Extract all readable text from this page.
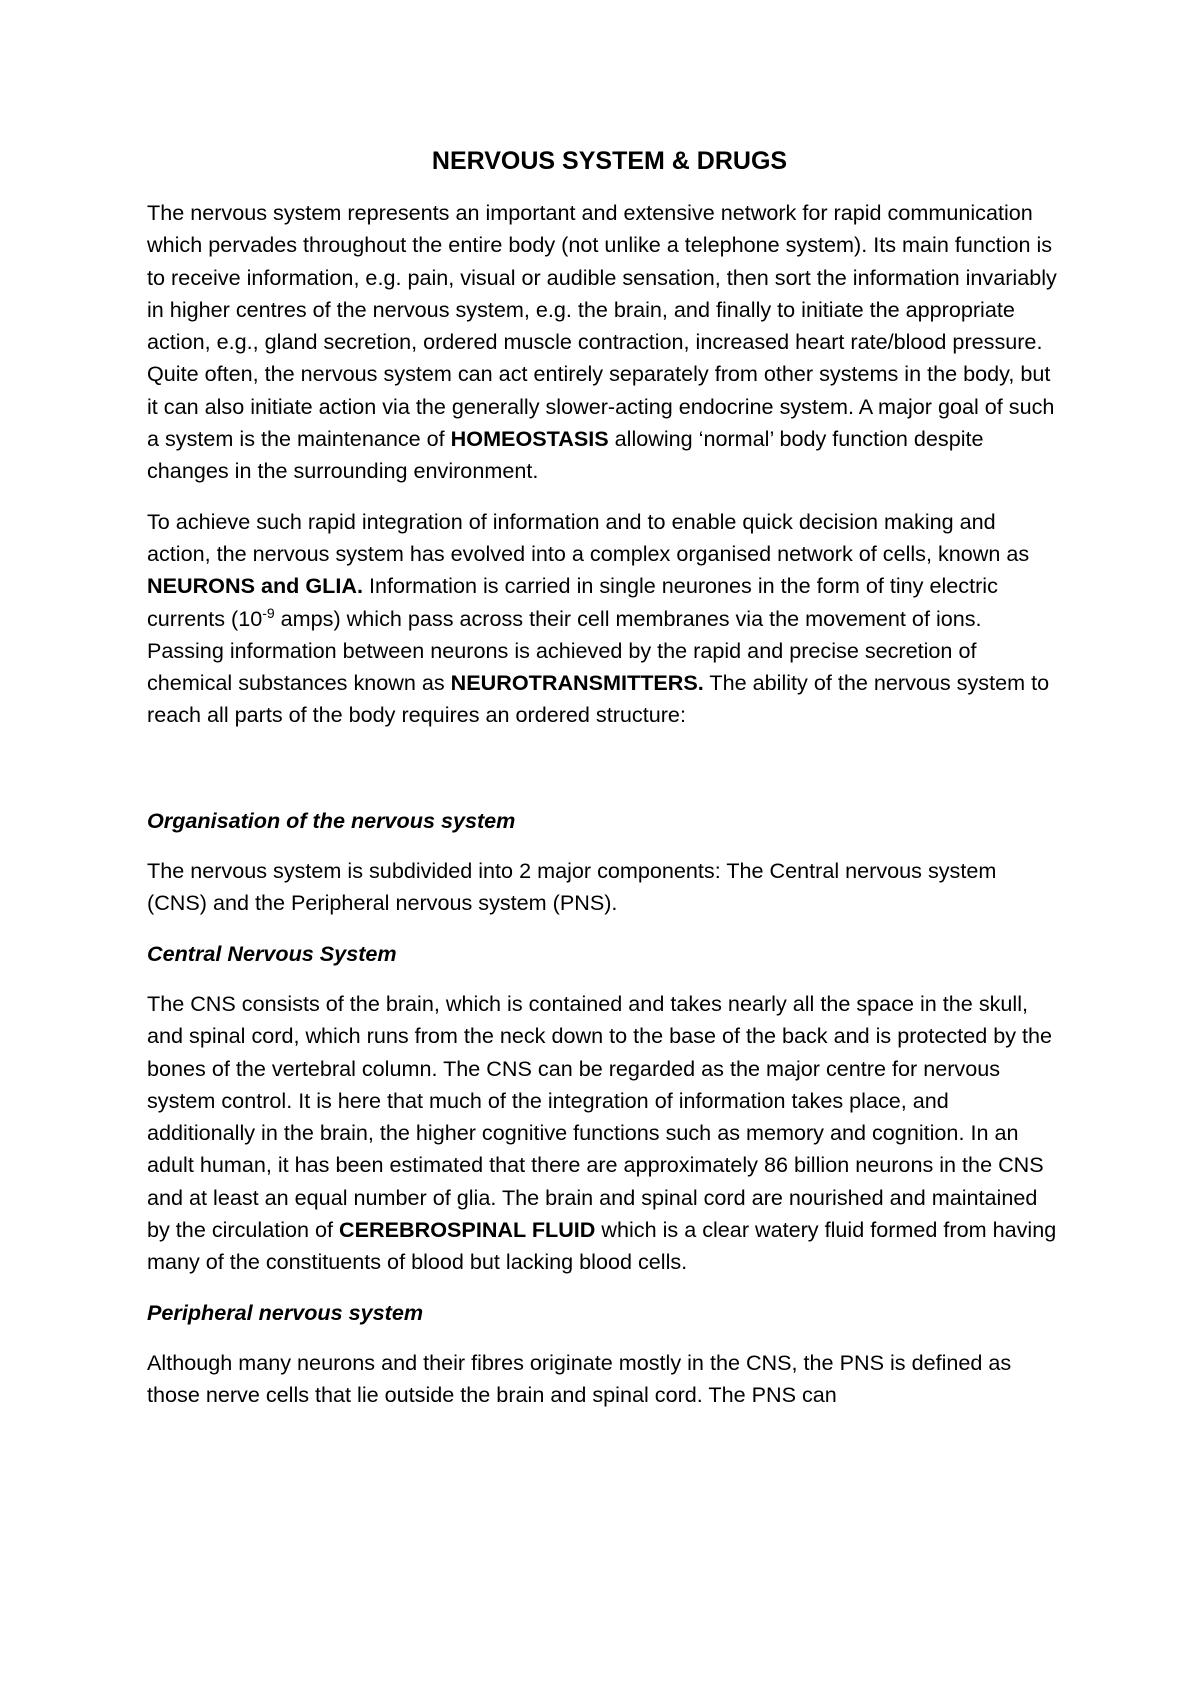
NERVOUS SYSTEM & DRUGS

The nervous system represents an important and extensive network for rapid communication which pervades throughout the entire body (not unlike a telephone system). Its main function is to receive information, e.g. pain, visual or audible sensation, then sort the information invariably in higher centres of the nervous system, e.g. the brain, and finally to initiate the appropriate action, e.g., gland secretion, ordered muscle contraction, increased heart rate/blood pressure. Quite often, the nervous system can act entirely separately from other systems in the body, but it can also initiate action via the generally slower-acting endocrine system. A major goal of such a system is the maintenance of HOMEOSTASIS allowing ‘normal’ body function despite changes in the surrounding environment.

To achieve such rapid integration of information and to enable quick decision making and action, the nervous system has evolved into a complex organised network of cells, known as NEURONS and GLIA. Information is carried in single neurones in the form of tiny electric currents ($10^{-9}$ amps) which pass across their cell membranes via the movement of ions. Passing information between neurons is achieved by the rapid and precise secretion of chemical substances known as NEUROTRANSMITTERS. The ability of the nervous system to reach all parts of the body requires an ordered structure:

Organisation of the nervous system

The nervous system is subdivided into 2 major components: The Central nervous system (CNS) and the Peripheral nervous system (PNS).

Central Nervous System

The CNS consists of the brain, which is contained and takes nearly all the space in the skull, and spinal cord, which runs from the neck down to the base of the back and is protected by the bones of the vertebral column. The CNS can be regarded as the major centre for nervous system control. It is here that much of the integration of information takes place, and additionally in the brain, the higher cognitive functions such as memory and cognition. In an adult human, it has been estimated that there are approximately 86 billion neurons in the CNS and at least an equal number of glia. The brain and spinal cord are nourished and maintained by the circulation of CEREBROSPINAL FLUID which is a clear watery fluid formed from having many of the constituents of blood but lacking blood cells.

Peripheral nervous system

Although many neurons and their fibres originate mostly in the CNS, the PNS is defined as those nerve cells that lie outside the brain and spinal cord. The PNS can
